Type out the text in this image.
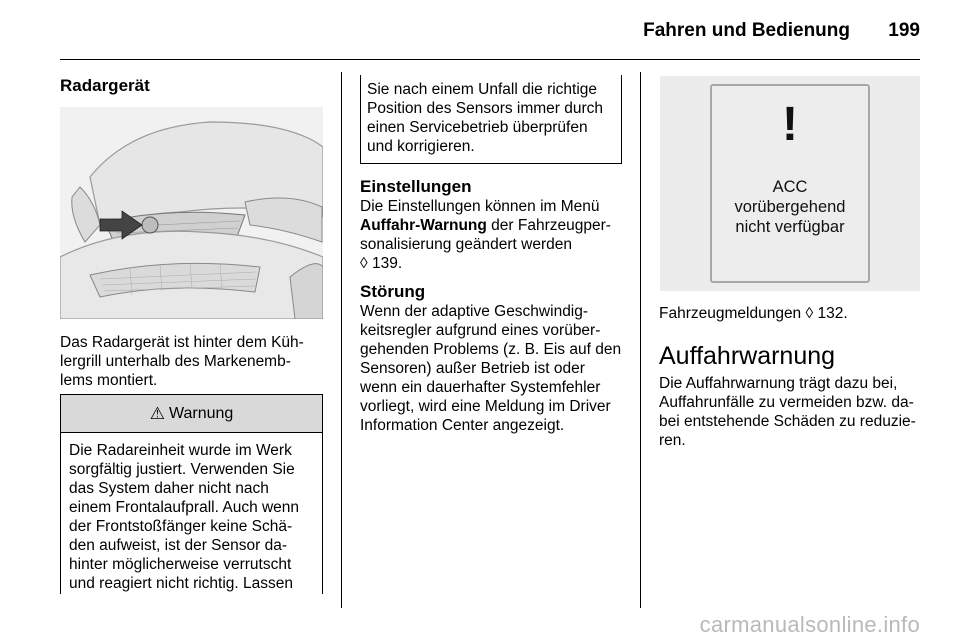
Fahren und Bedienung 199
Radargerät
Das Radargerät ist hinter dem Küh-
lergrill unterhalb des Markenemb-
lems montiert.
⚠ Warnung
Die Radareinheit wurde im Werk
sorgfältig justiert. Verwenden Sie
das System daher nicht nach
einem Frontalaufprall. Auch wenn
der Frontstoßfänger keine Schä-
den aufweist, ist der Sensor da-
hinter möglicherweise verrutscht
und reagiert nicht richtig. Lassen
Sie nach einem Unfall die richtige
Position des Sensors immer durch
einen Servicebetrieb überprüfen
und korrigieren.
Einstellungen
Die Einstellungen können im Menü
Auffahr-Warnung der Fahrzeugper-
sonalisierung geändert werden
◊ 139.
Störung
Wenn der adaptive Geschwindig-
keitsregler aufgrund eines vorüber-
gehenden Problems (z. B. Eis auf den
Sensoren) außer Betrieb ist oder
wenn ein dauerhafter Systemfehler
vorliegt, wird eine Meldung im Driver
Information Center angezeigt.
!
ACC
vorübergehend
nicht verfügbar
Fahrzeugmeldungen ◊ 132.
Auffahrwarnung
Die Auffahrwarnung trägt dazu bei,
Auffahrunfälle zu vermeiden bzw. da-
bei entstehende Schäden zu reduzie-
ren.
carmanualsonline.info
